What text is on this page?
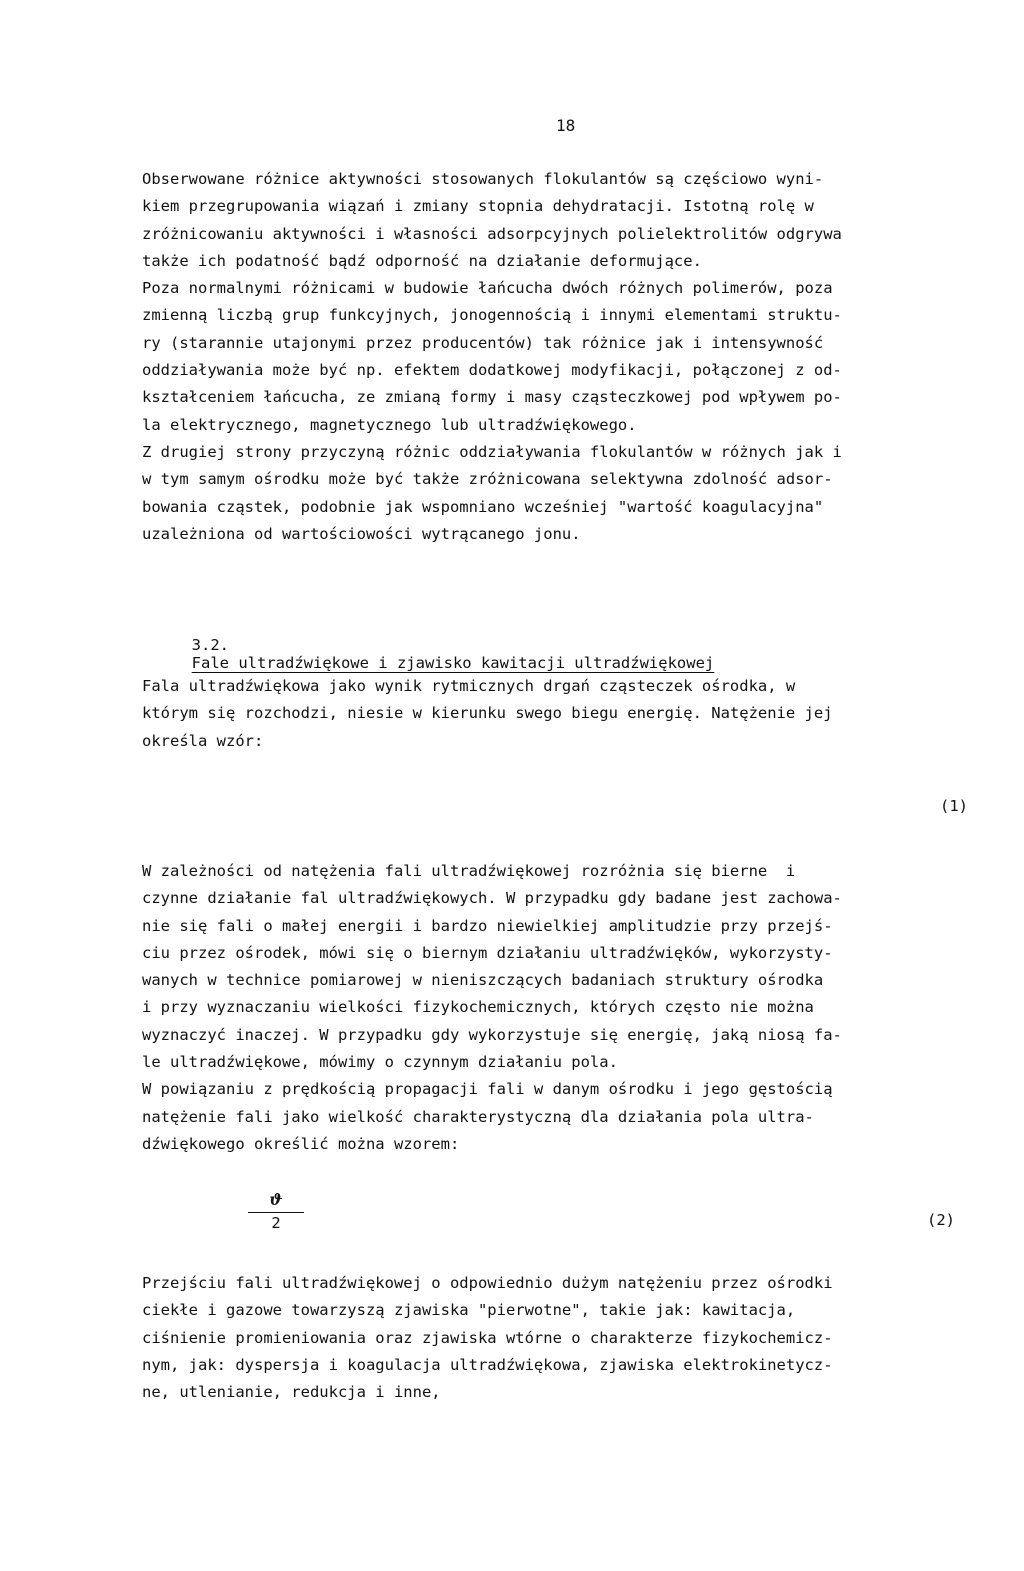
18
Obserwowane różnice aktywności stosowanych flokulantów są częściowo wyni-
kiem przegrupowania wiązań i zmiany stopnia dehydratacji. Istotną rolę w
zróżnicowaniu aktywności i własności adsorpcyjnych polielektrolitów odgrywa
także ich podatność bądź odporność na działanie deformujące.
Poza normalnymi różnicami w budowie łańcucha dwóch różnych polimerów, poza
zmienną liczbą grup funkcyjnych, jonogennością i innymi elementami struktu-
ry (starannie utajonymi przez producentów) tak różnice jak i intensywność
oddziaływania może być np. efektem dodatkowej modyfikacji, połączonej z od-
kształceniem łańcucha, ze zmianą formy i masy cząsteczkowej pod wpływem po-
la elektrycznego, magnetycznego lub ultradźwiękowego.
Z drugiej strony przyczyną różnic oddziaływania flokulantów w różnych jak i
w tym samym ośrodku może być także zróżnicowana selektywna zdolność adsor-
bowania cząstek, podobnie jak wspomniano wcześniej "wartość koagulacyjna"
uzależniona od wartościowości wytrącanego jonu.

3.2.
Fale ultradźwiękowe i zjawisko kawitacji ultradźwiękowej

Fala ultradźwiękowa jako wynik rytmicznych drgań cząsteczek ośrodka, w
którym się rozchodzi, niesie w kierunku swego biegu energię. Natężenie jej
określa wzór:
(1)
W zależności od natężenia fali ultradźwiękowej rozróżnia się bierne  i
czynne działanie fal ultradźwiękowych. W przypadku gdy badane jest zachowa-
nie się fali o małej energii i bardzo niewielkiej amplitudzie przy przejś-
ciu przez ośrodek, mówi się o biernym działaniu ultradźwięków, wykorzysty-
wanych w technice pomiarowej w nieniszczących badaniach struktury ośrodka
i przy wyznaczaniu wielkości fizykochemicznych, których często nie można
wyznaczyć inaczej. W przypadku gdy wykorzystuje się energię, jaką niosą fa-
le ultradźwiękowe, mówimy o czynnym działaniu pola.
W powiązaniu z prędkością propagacji fali w danym ośrodku i jego gęstością
natężenie fali jako wielkość charakterystyczną dla działania pola ultra-
dźwiękowego określić można wzorem:
ϑ
2	(2)
Przejściu fali ultradźwiękowej o odpowiednio dużym natężeniu przez ośrodki
ciekłe i gazowe towarzyszą zjawiska "pierwotne", takie jak: kawitacja,
ciśnienie promieniowania oraz zjawiska wtórne o charakterze fizykochemicz-
nym, jak: dyspersja i koagulacja ultradźwiękowa, zjawiska elektrokinetycz-
ne, utlenianie, redukcja i inne,
